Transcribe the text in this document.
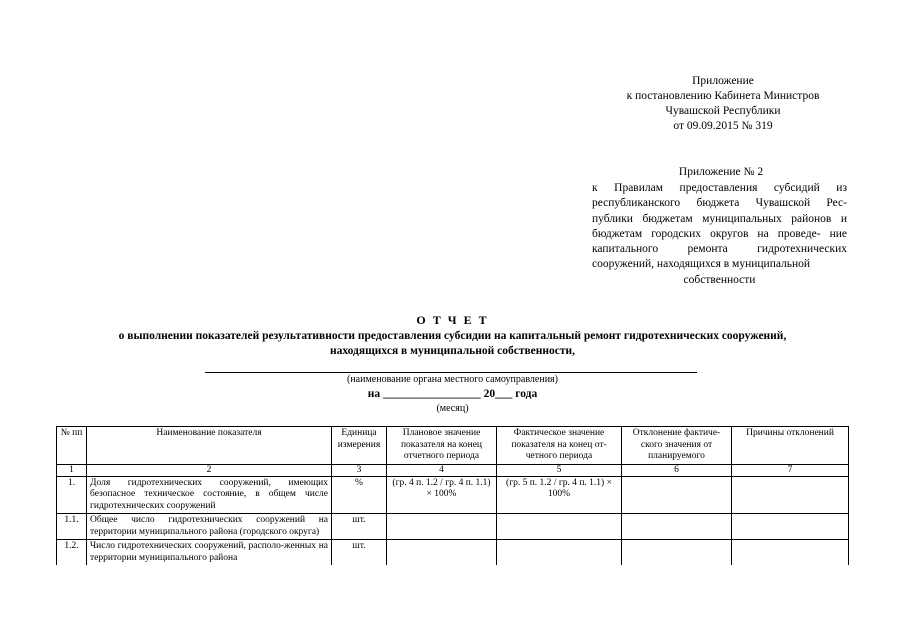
Приложение
к постановлению Кабинета Министров
Чувашской Республики
от 09.09.2015 № 319
Приложение № 2
к Правилам предоставления субсидий из республиканского бюджета Чувашской Рес- публики бюджетам муниципальных районов и бюджетам городских округов на проведе- ние капитального ремонта гидротехнических сооружений, находящихся в муниципальной
собственности
О Т Ч Е Т
о выполнении показателей результативности предоставления субсидии на капитальный ремонт гидротехнических сооружений,
находящихся в муниципальной собственности,
(наименование органа местного самоуправления)
на _________________ 20___ года
(месяц)
№ пп	Наименование показателя	Единица измерения	Плановое значение показателя на конец отчетного периода	Фактическое значение показателя на конец от-четного периода	Отклонение фактиче-ского значения от планируемого	Причины отклонений
1	2	3	4	5	6	7
1.	Доля гидротехнических сооружений, имеющих безопасное техническое состояние, в общем числе гидротехнических сооружений	%	(гр. 4 п. 1.2 / гр. 4 п. 1.1) × 100%	(гр. 5 п. 1.2 / гр. 4 п. 1.1) × 100%		
1.1.	Общее число гидротехнических сооружений на территории муниципального района (городского округа)	шт.				
1.2.	Число гидротехнических сооружений, располо-женных на территории муниципального района	шт.				
